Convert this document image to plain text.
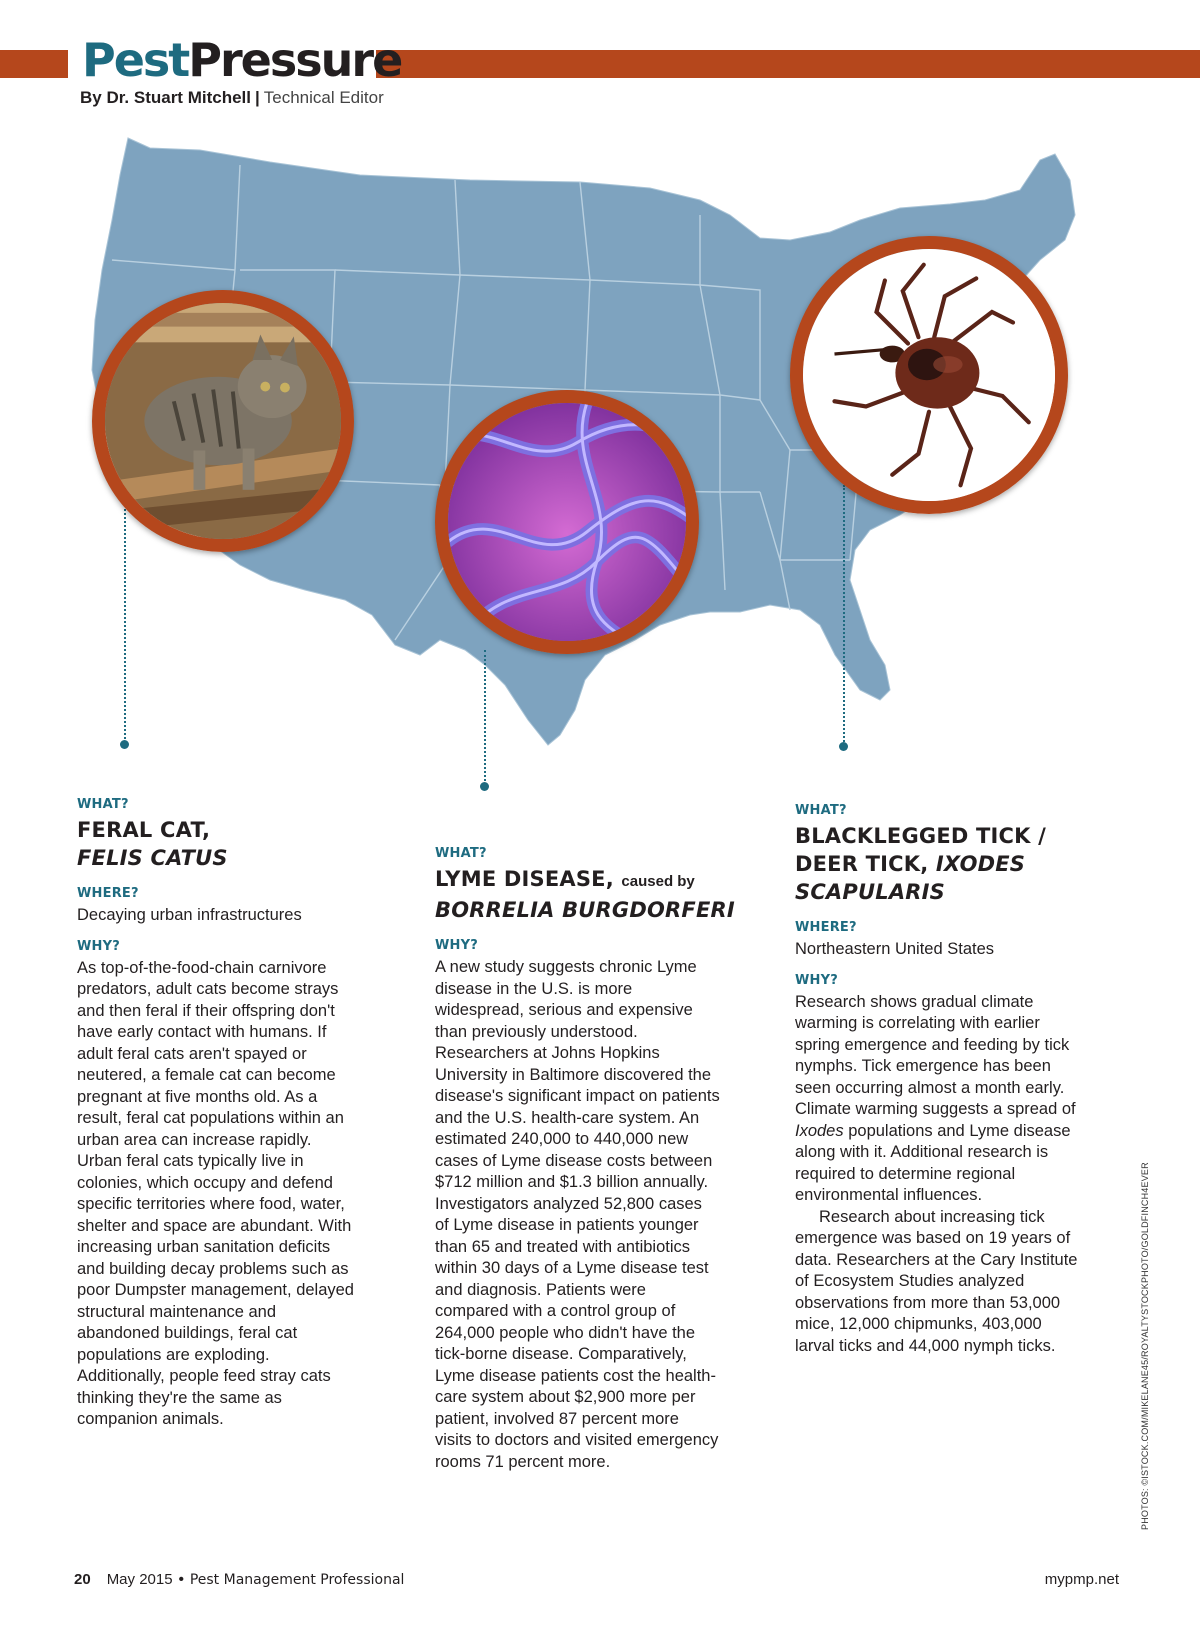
PestPressure
By Dr. Stuart Mitchell | Technical Editor
WHAT?
FERAL CAT,
FELIS CATUS
WHERE?
Decaying urban infrastructures
WHY?
As top-of-the-food-chain carnivore predators, adult cats become strays and then feral if their offspring don't have early contact with humans. If adult feral cats aren't spayed or neutered, a female cat can become pregnant at five months old. As a result, feral cat populations within an urban area can increase rapidly. Urban feral cats typically live in colonies, which occupy and defend specific territories where food, water, shelter and space are abundant. With increasing urban sanitation deficits and building decay problems such as poor Dumpster management, delayed structural maintenance and abandoned buildings, feral cat populations are exploding. Additionally, people feed stray cats thinking they're the same as companion animals.
WHAT?
LYME DISEASE, caused by
BORRELIA BURGDORFERI
WHY?
A new study suggests chronic Lyme disease in the U.S. is more widespread, serious and expensive than previously understood. Researchers at Johns Hopkins University in Baltimore discovered the disease's significant impact on patients and the U.S. health-care system. An estimated 240,000 to 440,000 new cases of Lyme disease costs between $712 million and $1.3 billion annually. Investigators analyzed 52,800 cases of Lyme disease in patients younger than 65 and treated with antibiotics within 30 days of a Lyme disease test and diagnosis. Patients were compared with a control group of 264,000 people who didn't have the tick-borne disease. Comparatively, Lyme disease patients cost the health-care system about $2,900 more per patient, involved 87 percent more visits to doctors and visited emergency rooms 71 percent more.
WHAT?
BLACKLEGGED TICK /
DEER TICK, IXODES
SCAPULARIS
WHERE?
Northeastern United States
WHY?

Research shows gradual climate warming is correlating with earlier spring emergence and feeding by tick nymphs. Tick emergence has been seen occurring almost a month early. Climate warming suggests a spread of Ixodes populations and Lyme disease along with it. Additional research is required to determine regional environmental influences.

Research about increasing tick emergence was based on 19 years of data. Researchers at the Cary Institute of Ecosystem Studies analyzed observations from more than 53,000 mice, 12,000 chipmunks, 403,000 larval ticks and 44,000 nymph ticks.	PHOTOS: ©ISTOCK.COM/MIKELANE45/ROYALTYSTOCKPHOTO/GOLDFINCH4EVER
20 May 2015 • Pest Management Professional	mypmp.net
